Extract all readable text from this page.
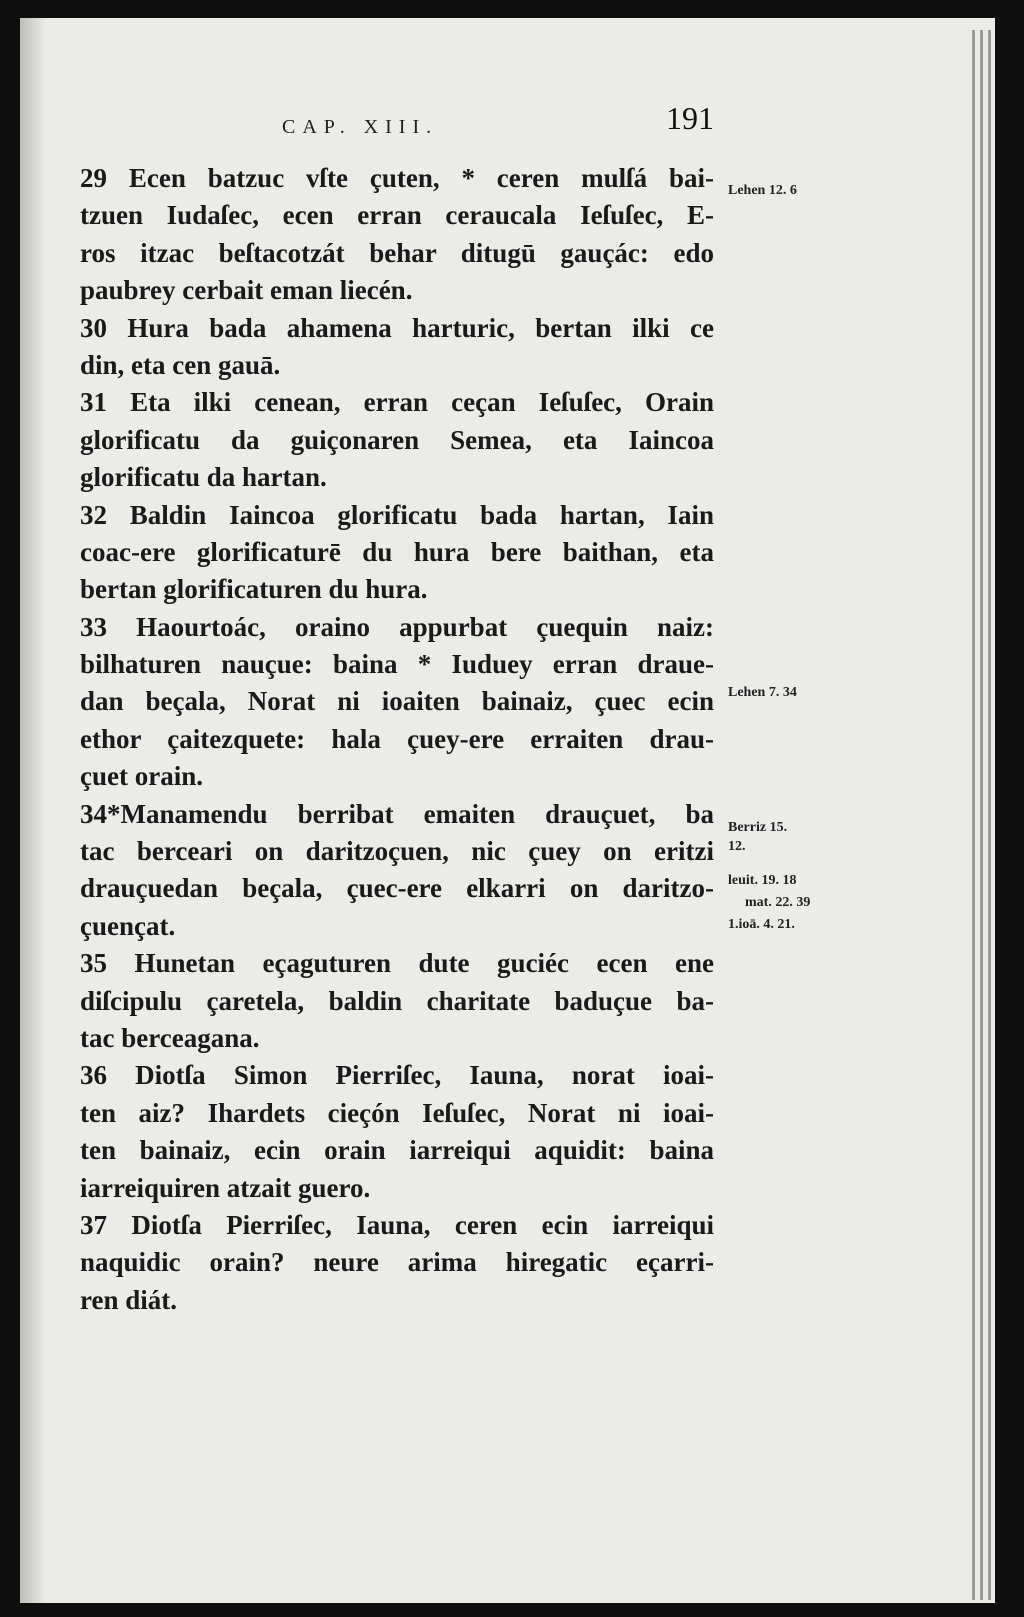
CAP. XIII.	191
29 Ecen batzuc vſte çuten, * ceren mulſá bai-
tzuen Iudaſec, ecen erran ceraucala Ieſuſec, E-
ros itzac beſtacotzát behar ditugū gauçác: edo
paubrey cerbait eman liecén.
30 Hura bada ahamena harturic, bertan ilki ce
din, eta cen gauā.
31 Eta ilki cenean, erran ceçan Ieſuſec, Orain
glorificatu da guiçonaren Semea, eta Iaincoa
glorificatu da hartan.
32 Baldin Iaincoa glorificatu bada hartan, Iain
coac-ere glorificaturē du hura bere baithan, eta
bertan glorificaturen du hura.
33 Haourtoác, oraino appurbat çuequin naiz:
bilhaturen nauçue: baina * Iuduey erran draue-
dan beçala, Norat ni ioaiten bainaiz, çuec ecin
ethor çaitezquete: hala çuey-ere erraiten drau-
çuet orain.
34*Manamendu berribat emaiten drauçuet, ba
tac berceari on daritzoçuen, nic çuey on eritzi
drauçuedan beçala, çuec-ere elkarri on daritzo-
çuençat.
35 Hunetan eçaguturen dute guciéc ecen ene
diſcipulu çaretela, baldin charitate baduçue ba-
tac berceagana.
36 Diotſa Simon Pierriſec, Iauna, norat ioai-
ten aiz? Ihardets cieçón Ieſuſec, Norat ni ioai-
ten bainaiz, ecin orain iarreiqui aquidit: baina
iarreiquiren atzait guero.
37 Diotſa Pierriſec, Iauna, ceren ecin iarreiqui
naquidic orain? neure arima hiregatic eçarri-
ren diát.
Lehen 12. 6
Lehen 7. 34
Berriz 15.
12.
leuit. 19. 18
mat. 22. 39
1.ioā. 4. 21.
